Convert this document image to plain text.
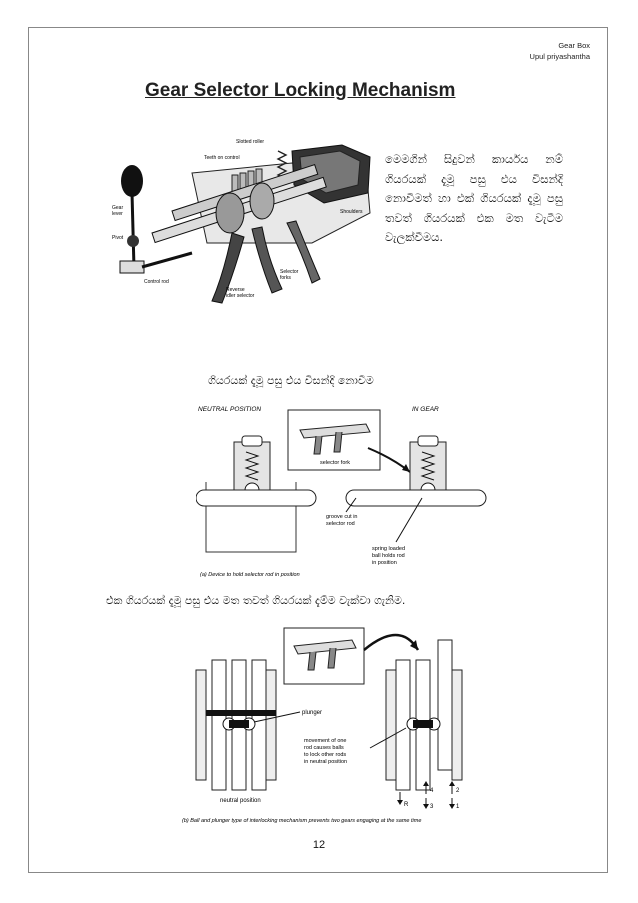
Gear Box
Upul priyashantha
Gear Selector Locking Mechanism
Slotted roller
Teeth on control
Gear
lever
Pivot
Control rod
Shoulders
Selector
forks
Reverse
idler selector
මෙමගින් සිදුවන් කාර්යය නම් ගියරයක් දැමූ පසු එය විසන්දි නොවීමත් හා එක් ගියරයක් දැමූ පසු තවත් ගියරයක් එක මත වැටීම වැලක්වීමය.
ගියරයක් දැමූ පසු එය විසන්දි නොවීම
NEUTRAL POSITION	IN GEAR
selector fork
groove cut in
selector rod
spring loaded
ball holds rod
in position
(a) Device to hold selector rod in position
එක ගියරයක් දැමූ පසු එය මත තවත් ගියරයක් දැම්ම වැක්වා ගැනිම.
plunger
movement of one
rod causes balls
to lock other rods
in neutral position
neutral position
R
4
3
2
1
(b) Ball and plunger type of interlocking mechanism prevents two gears engaging at the same time
12
